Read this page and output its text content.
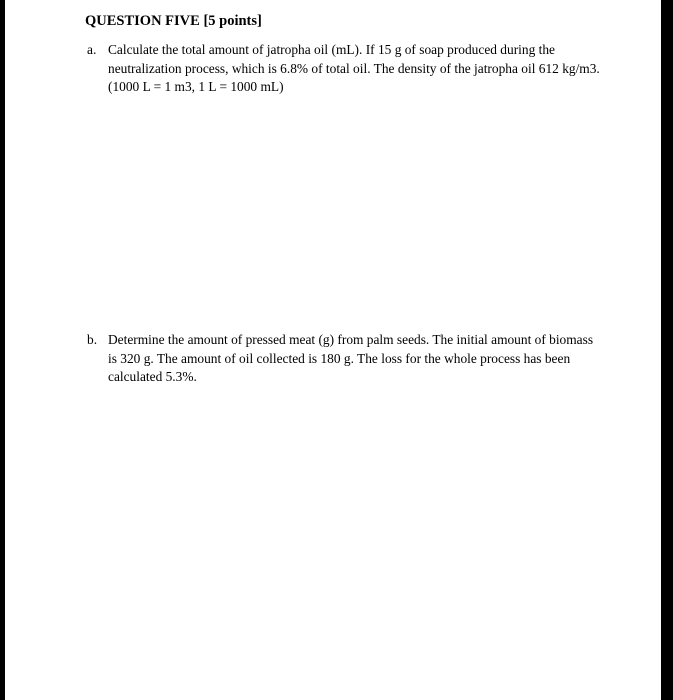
QUESTION FIVE [5 points]
a. Calculate the total amount of jatropha oil (mL). If 15 g of soap produced during the
neutralization process, which is 6.8% of total oil. The density of the jatropha oil 612 kg/m3.
(1000 L = 1 m3, 1 L = 1000 mL)
b. Determine the amount of pressed meat (g) from palm seeds. The initial amount of biomass
is 320 g. The amount of oil collected is 180 g. The loss for the whole process has been
calculated 5.3%.
